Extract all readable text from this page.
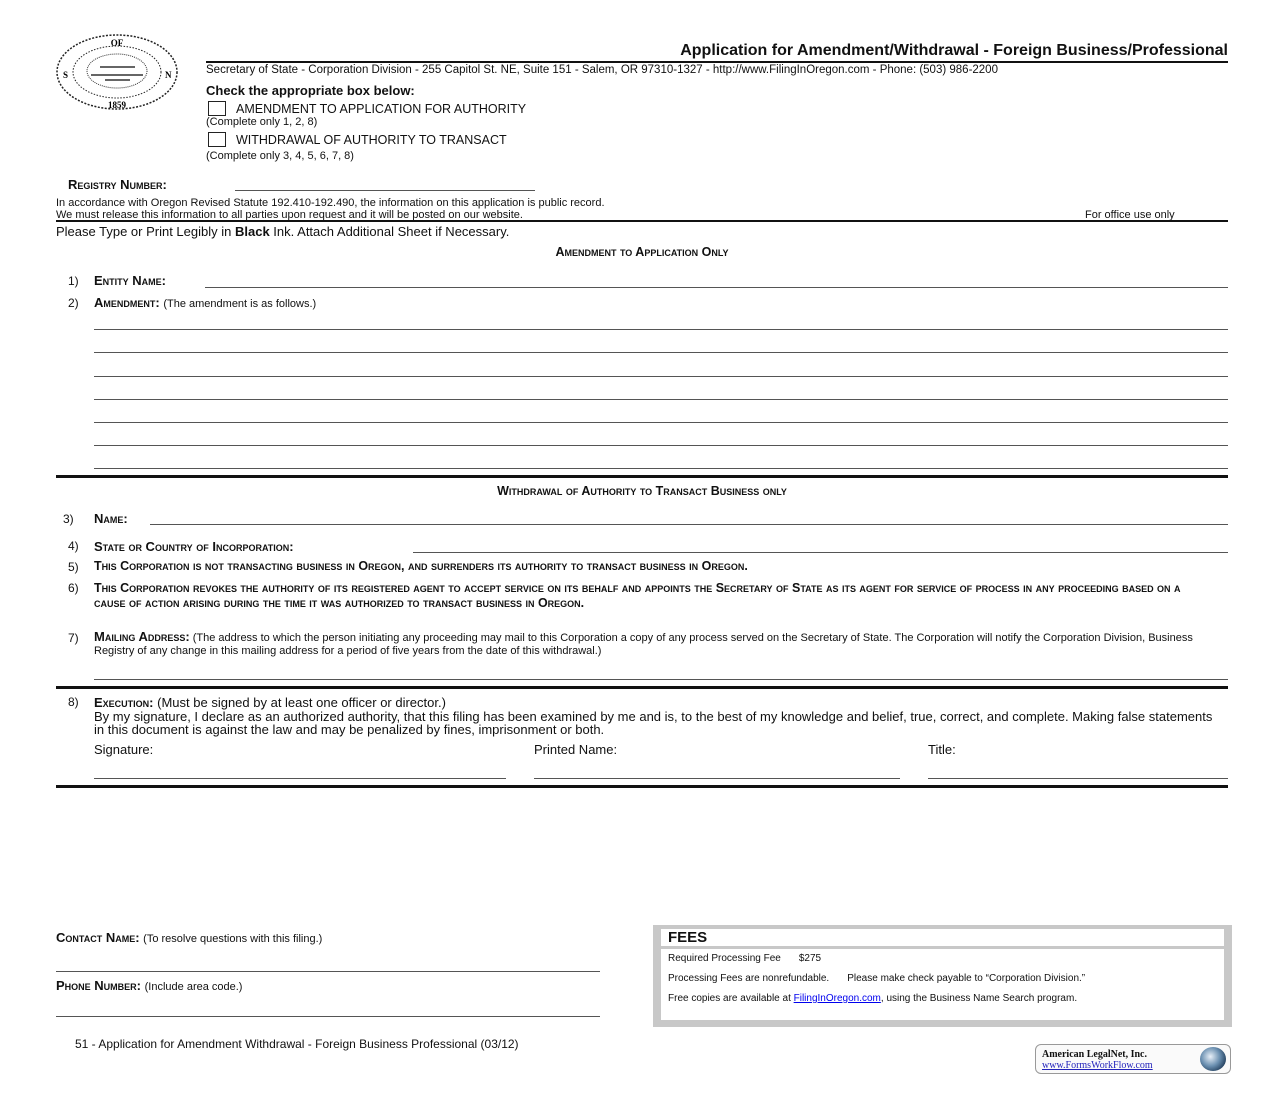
OF
1859
S	N
Application for Amendment/Withdrawal - Foreign Business/Professional
Secretary of State - Corporation Division - 255 Capitol St. NE, Suite 151 - Salem, OR 97310-1327 - http://www.FilingInOregon.com - Phone: (503) 986-2200
Check the appropriate box below:
AMENDMENT TO APPLICATION FOR AUTHORITY
(Complete only 1, 2, 8)
WITHDRAWAL OF AUTHORITY TO TRANSACT
(Complete only 3, 4, 5, 6, 7, 8)
Registry Number:
In accordance with Oregon Revised Statute 192.410-192.490, the information on this application is public record.
We must release this information to all parties upon request and it will be posted on our website.	For office use only
Please Type or Print Legibly in Black Ink. Attach Additional Sheet if Necessary.
Amendment to Application Only
1) Entity Name:
2) Amendment: (The amendment is as follows.)
Withdrawal of Authority to Transact Business only
3) Name:
4) State or Country of Incorporation:
5) This Corporation is not transacting business in Oregon, and surrenders its authority to transact business in Oregon.
6) This Corporation revokes the authority of its registered agent to accept service on its behalf and appoints the Secretary of State as its agent for service of process in any proceeding based on a cause of action arising during the time it was authorized to transact business in Oregon.
7) Mailing Address: (The address to which the person initiating any proceeding may mail to this Corporation a copy of any process served on the Secretary of State. The Corporation will notify the Corporation Division, Business Registry of any change in this mailing address for a period of five years from the date of this withdrawal.)
8) Execution: (Must be signed by at least one officer or director.)
By my signature, I declare as an authorized authority, that this filing has been examined by me and is, to the best of my knowledge and belief, true, correct, and complete. Making false statements in this document is against the law and may be penalized by fines, imprisonment or both.
Signature:	Printed Name:	Title:
Contact Name: (To resolve questions with this filing.)
Phone Number: (Include area code.)
51 - Application for Amendment Withdrawal - Foreign Business Professional (03/12)
FEES
Required Processing Fee $275
Processing Fees are nonrefundable. Please make check payable to “Corporation Division.”
Free copies are available at FilingInOregon.com, using the Business Name Search program.
American LegalNet, Inc.
www.FormsWorkFlow.com
